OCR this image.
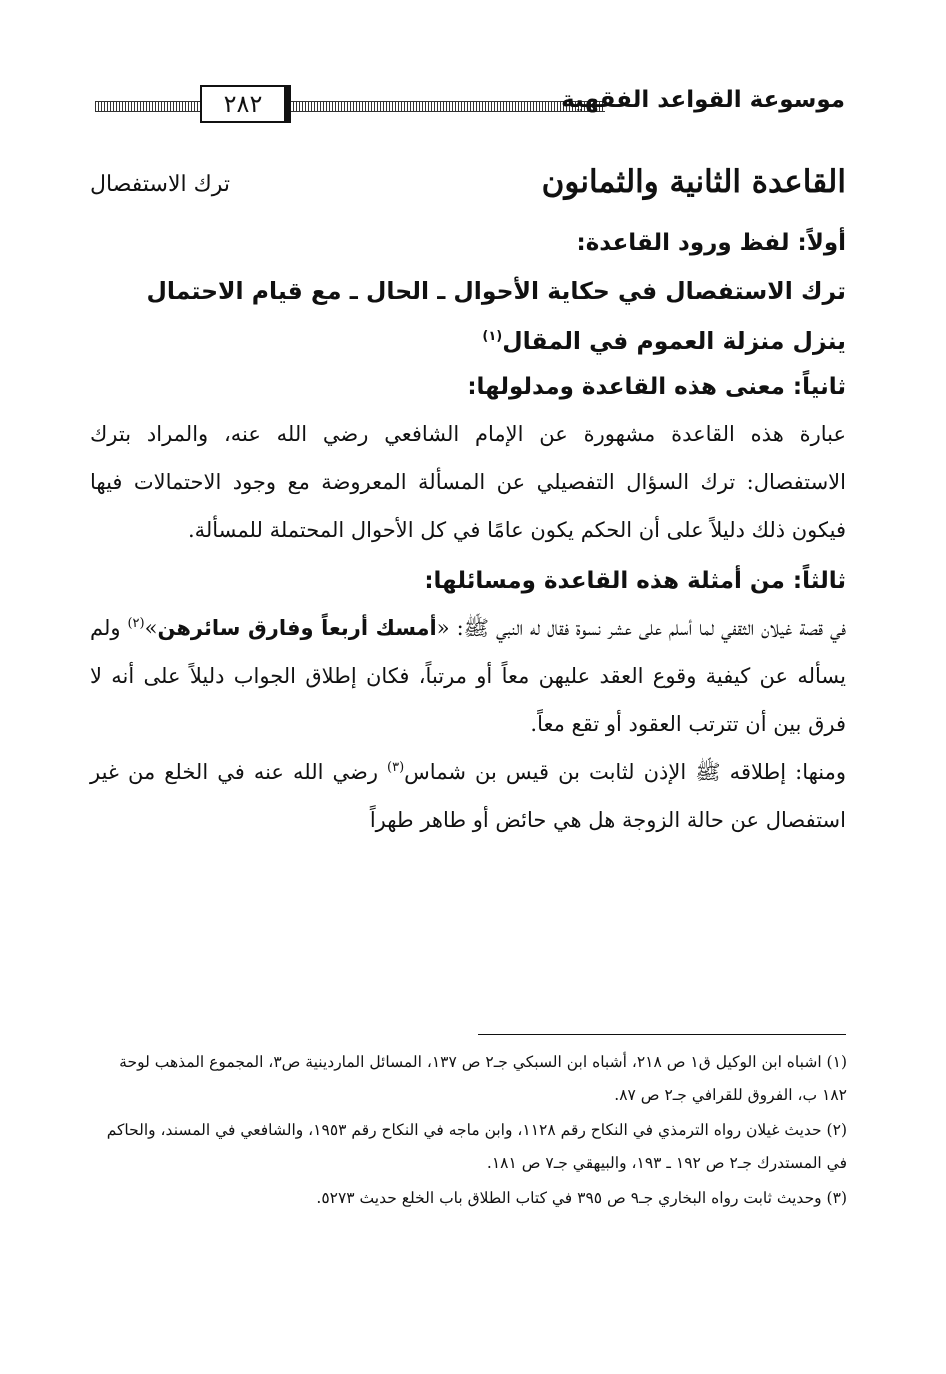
٢٨٢	موسوعة القواعد الفقهية
القاعدة الثانية والثمانون
ترك الاستفصال
أولاً: لفظ ورود القاعدة:

ترك الاستفصال في حكاية الأحوال ـ الحال ـ مع قيام الاحتمال ينزل منزلة العموم في المقال$^{(١)}$

ثانياً: معنى هذه القاعدة ومدلولها:

عبارة هذه القاعدة مشهورة عن الإمام الشافعي رضي الله عنه، والمراد بترك الاستفصال: ترك السؤال التفصيلي عن المسألة المعروضة مع وجود الاحتمالات فيها فيكون ذلك دليلاً على أن الحكم يكون عامًا في كل الأحوال المحتملة للمسألة.

ثالثاً: من أمثلة هذه القاعدة ومسائلها:

في قصة غيلان الثقفي لما أسلم على عشر نسوة فقال له النبي ﷺ: «أمسك أربعاً وفارق سائرهن»$^{(٢)}$ ولم يسأله عن كيفية وقوع العقد عليهن معاً أو مرتباً، فكان إطلاق الجواب دليلاً على أنه لا فرق بين أن تترتب العقود أو تقع معاً.

ومنها: إطلاقه ﷺ الإذن لثابت بن قيس بن شماس$^{(٣)}$ رضي الله عنه في الخلع من غير استفصال عن حالة الزوجة هل هي حائض أو طاهر طهراً

(١) اشباه ابن الوكيل ق١ ص ٢١٨، أشباه ابن السبكي جـ٢ ص ١٣٧، المسائل الماردينية ص٣، المجموع المذهب لوحة ١٨٢ ب، الفروق للقرافي جـ٢ ص ٨٧.

(٢) حديث غيلان رواه الترمذي في النكاح رقم ١١٢٨، وابن ماجه في النكاح رقم ١٩٥٣، والشافعي في المسند، والحاكم في المستدرك جـ٢ ص ١٩٢ ـ ١٩٣، والبيهقي جـ٧ ص ١٨١.

(٣) وحديث ثابت رواه البخاري جـ٩ ص ٣٩٥ في كتاب الطلاق باب الخلع حديث ٥٢٧٣.
